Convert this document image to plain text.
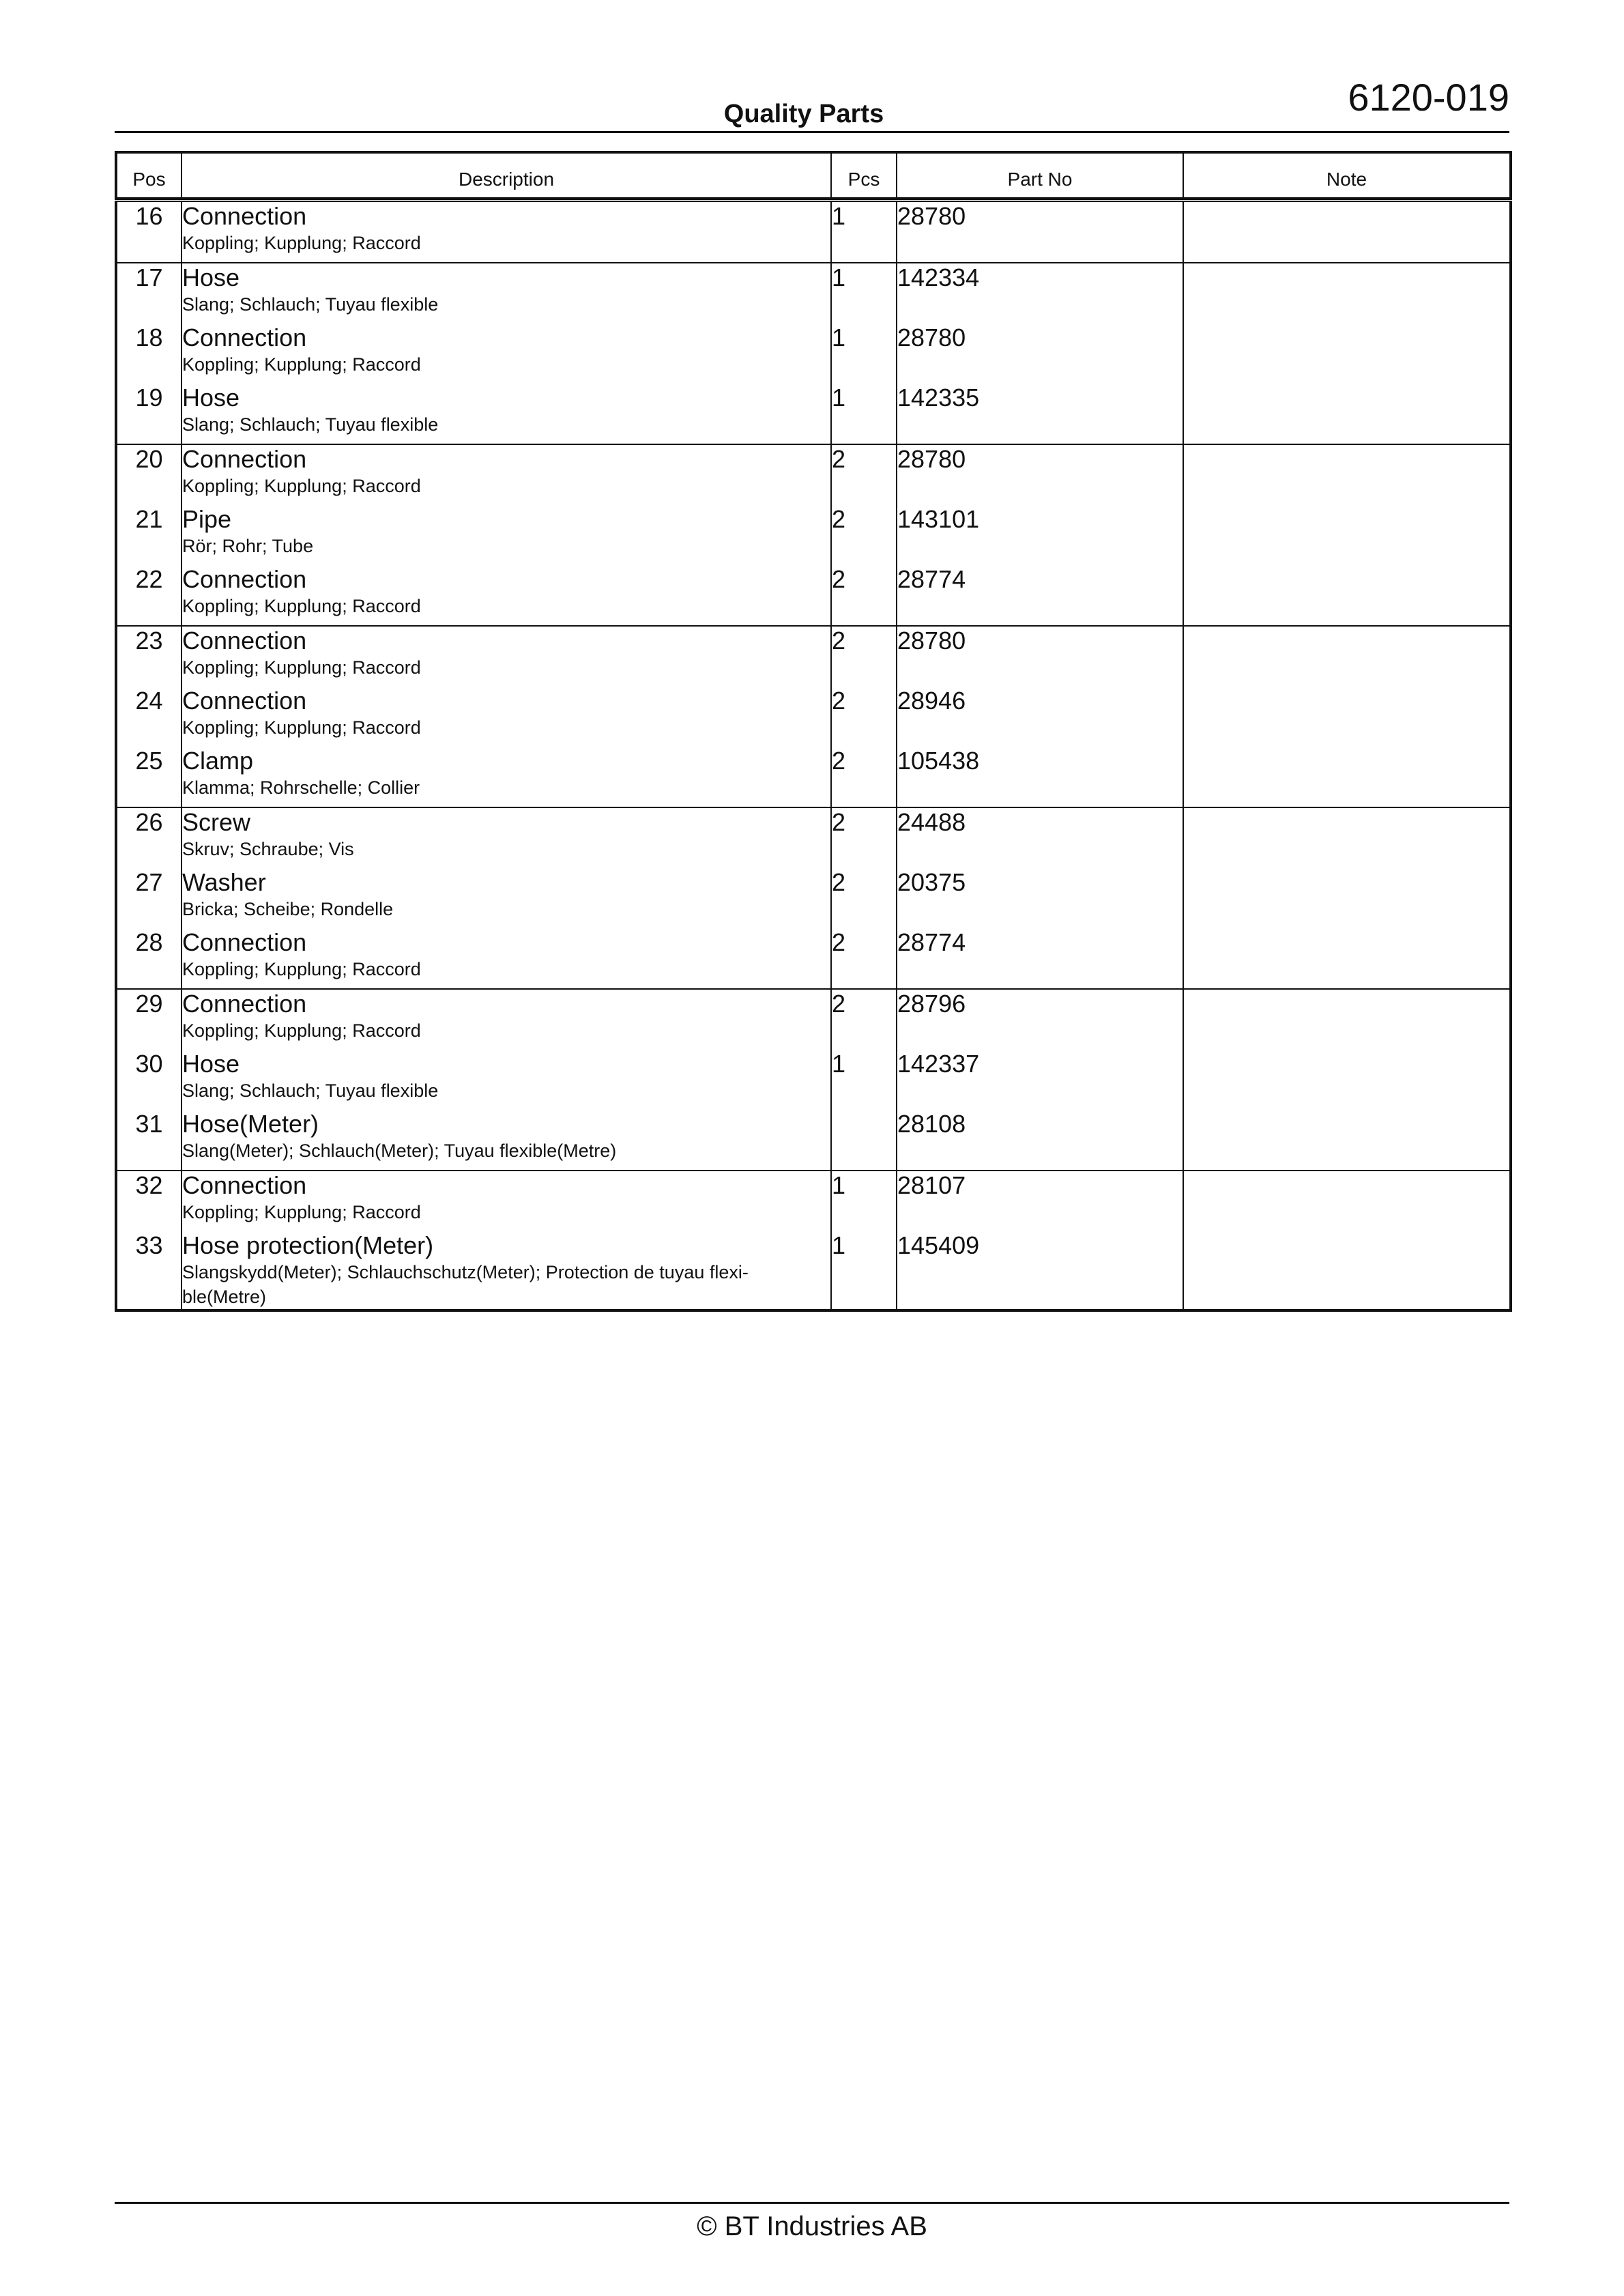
6120-019
Quality Parts
Pos	Description	Pcs	Part No	Note
16	Connection
Koppling; Kupplung; Raccord	1	28780	
17	Hose
Slang; Schlauch; Tuyau flexible	1	142334	
18	Connection
Koppling; Kupplung; Raccord	1	28780	
19	Hose
Slang; Schlauch; Tuyau flexible	1	142335	
20	Connection
Koppling; Kupplung; Raccord	2	28780	
21	Pipe
Rör; Rohr; Tube	2	143101	
22	Connection
Koppling; Kupplung; Raccord	2	28774	
23	Connection
Koppling; Kupplung; Raccord	2	28780	
24	Connection
Koppling; Kupplung; Raccord	2	28946	
25	Clamp
Klamma; Rohrschelle; Collier	2	105438	
26	Screw
Skruv; Schraube; Vis	2	24488	
27	Washer
Bricka; Scheibe; Rondelle	2	20375	
28	Connection
Koppling; Kupplung; Raccord	2	28774	
29	Connection
Koppling; Kupplung; Raccord	2	28796	
30	Hose
Slang; Schlauch; Tuyau flexible	1	142337	
31	Hose(Meter)
Slang(Meter); Schlauch(Meter); Tuyau flexible(Metre)		28108	
32	Connection
Koppling; Kupplung; Raccord	1	28107	
33	Hose protection(Meter)
Slangskydd(Meter); Schlauchschutz(Meter); Protection de tuyau flexi-ble(Metre)	1	145409	
© BT Industries AB
